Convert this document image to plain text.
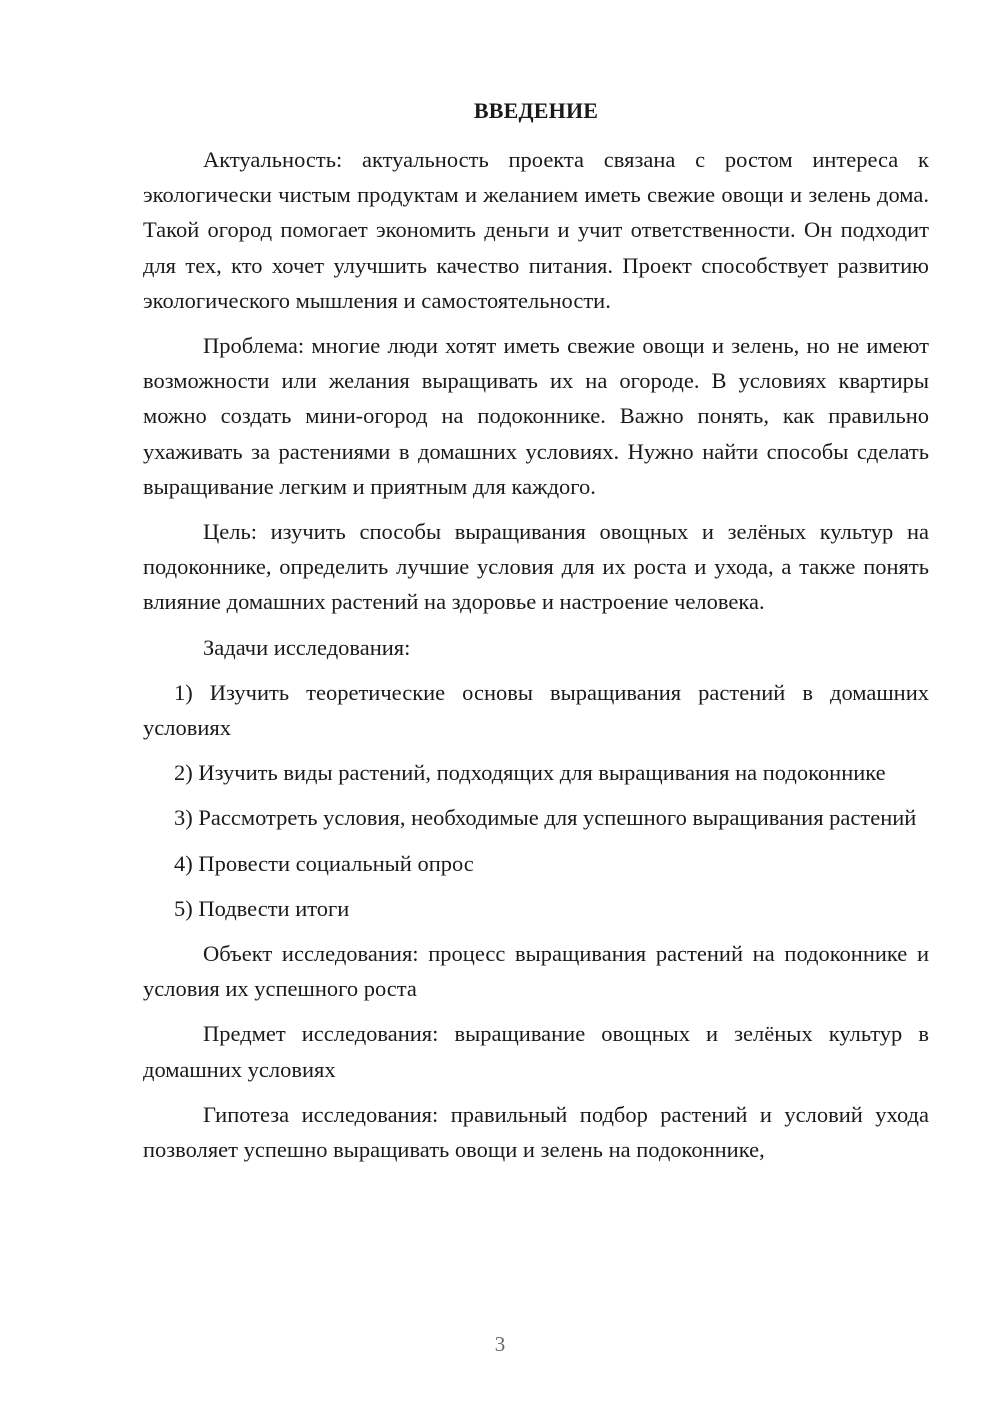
ВВЕДЕНИЕ

Актуальность: актуальность проекта связана с ростом интереса к экологически чистым продуктам и желанием иметь свежие овощи и зелень дома. Такой огород помогает экономить деньги и учит ответственности. Он подходит для тех, кто хочет улучшить качество питания. Проект способствует развитию экологического мышления и самостоятельности.

Проблема: многие люди хотят иметь свежие овощи и зелень, но не имеют возможности или желания выращивать их на огороде. В условиях квартиры можно создать мини-огород на подоконнике. Важно понять, как правильно ухаживать за растениями в домашних условиях. Нужно найти способы сделать выращивание легким и приятным для каждого.

Цель: изучить способы выращивания овощных и зелёных культур на подоконнике, определить лучшие условия для их роста и ухода, а также понять влияние домашних растений на здоровье и настроение человека.

Задачи исследования:

1) Изучить теоретические основы выращивания растений в домашних условиях

2) Изучить виды растений, подходящих для выращивания на подоконнике

3) Рассмотреть условия, необходимые для успешного выращивания растений

4) Провести социальный опрос

5) Подвести итоги

Объект исследования: процесс выращивания растений на подоконнике и условия их успешного роста

Предмет исследования: выращивание овощных и зелёных культур в домашних условиях

Гипотеза исследования: правильный подбор растений и условий ухода позволяет успешно выращивать овощи и зелень на подоконнике,

3
